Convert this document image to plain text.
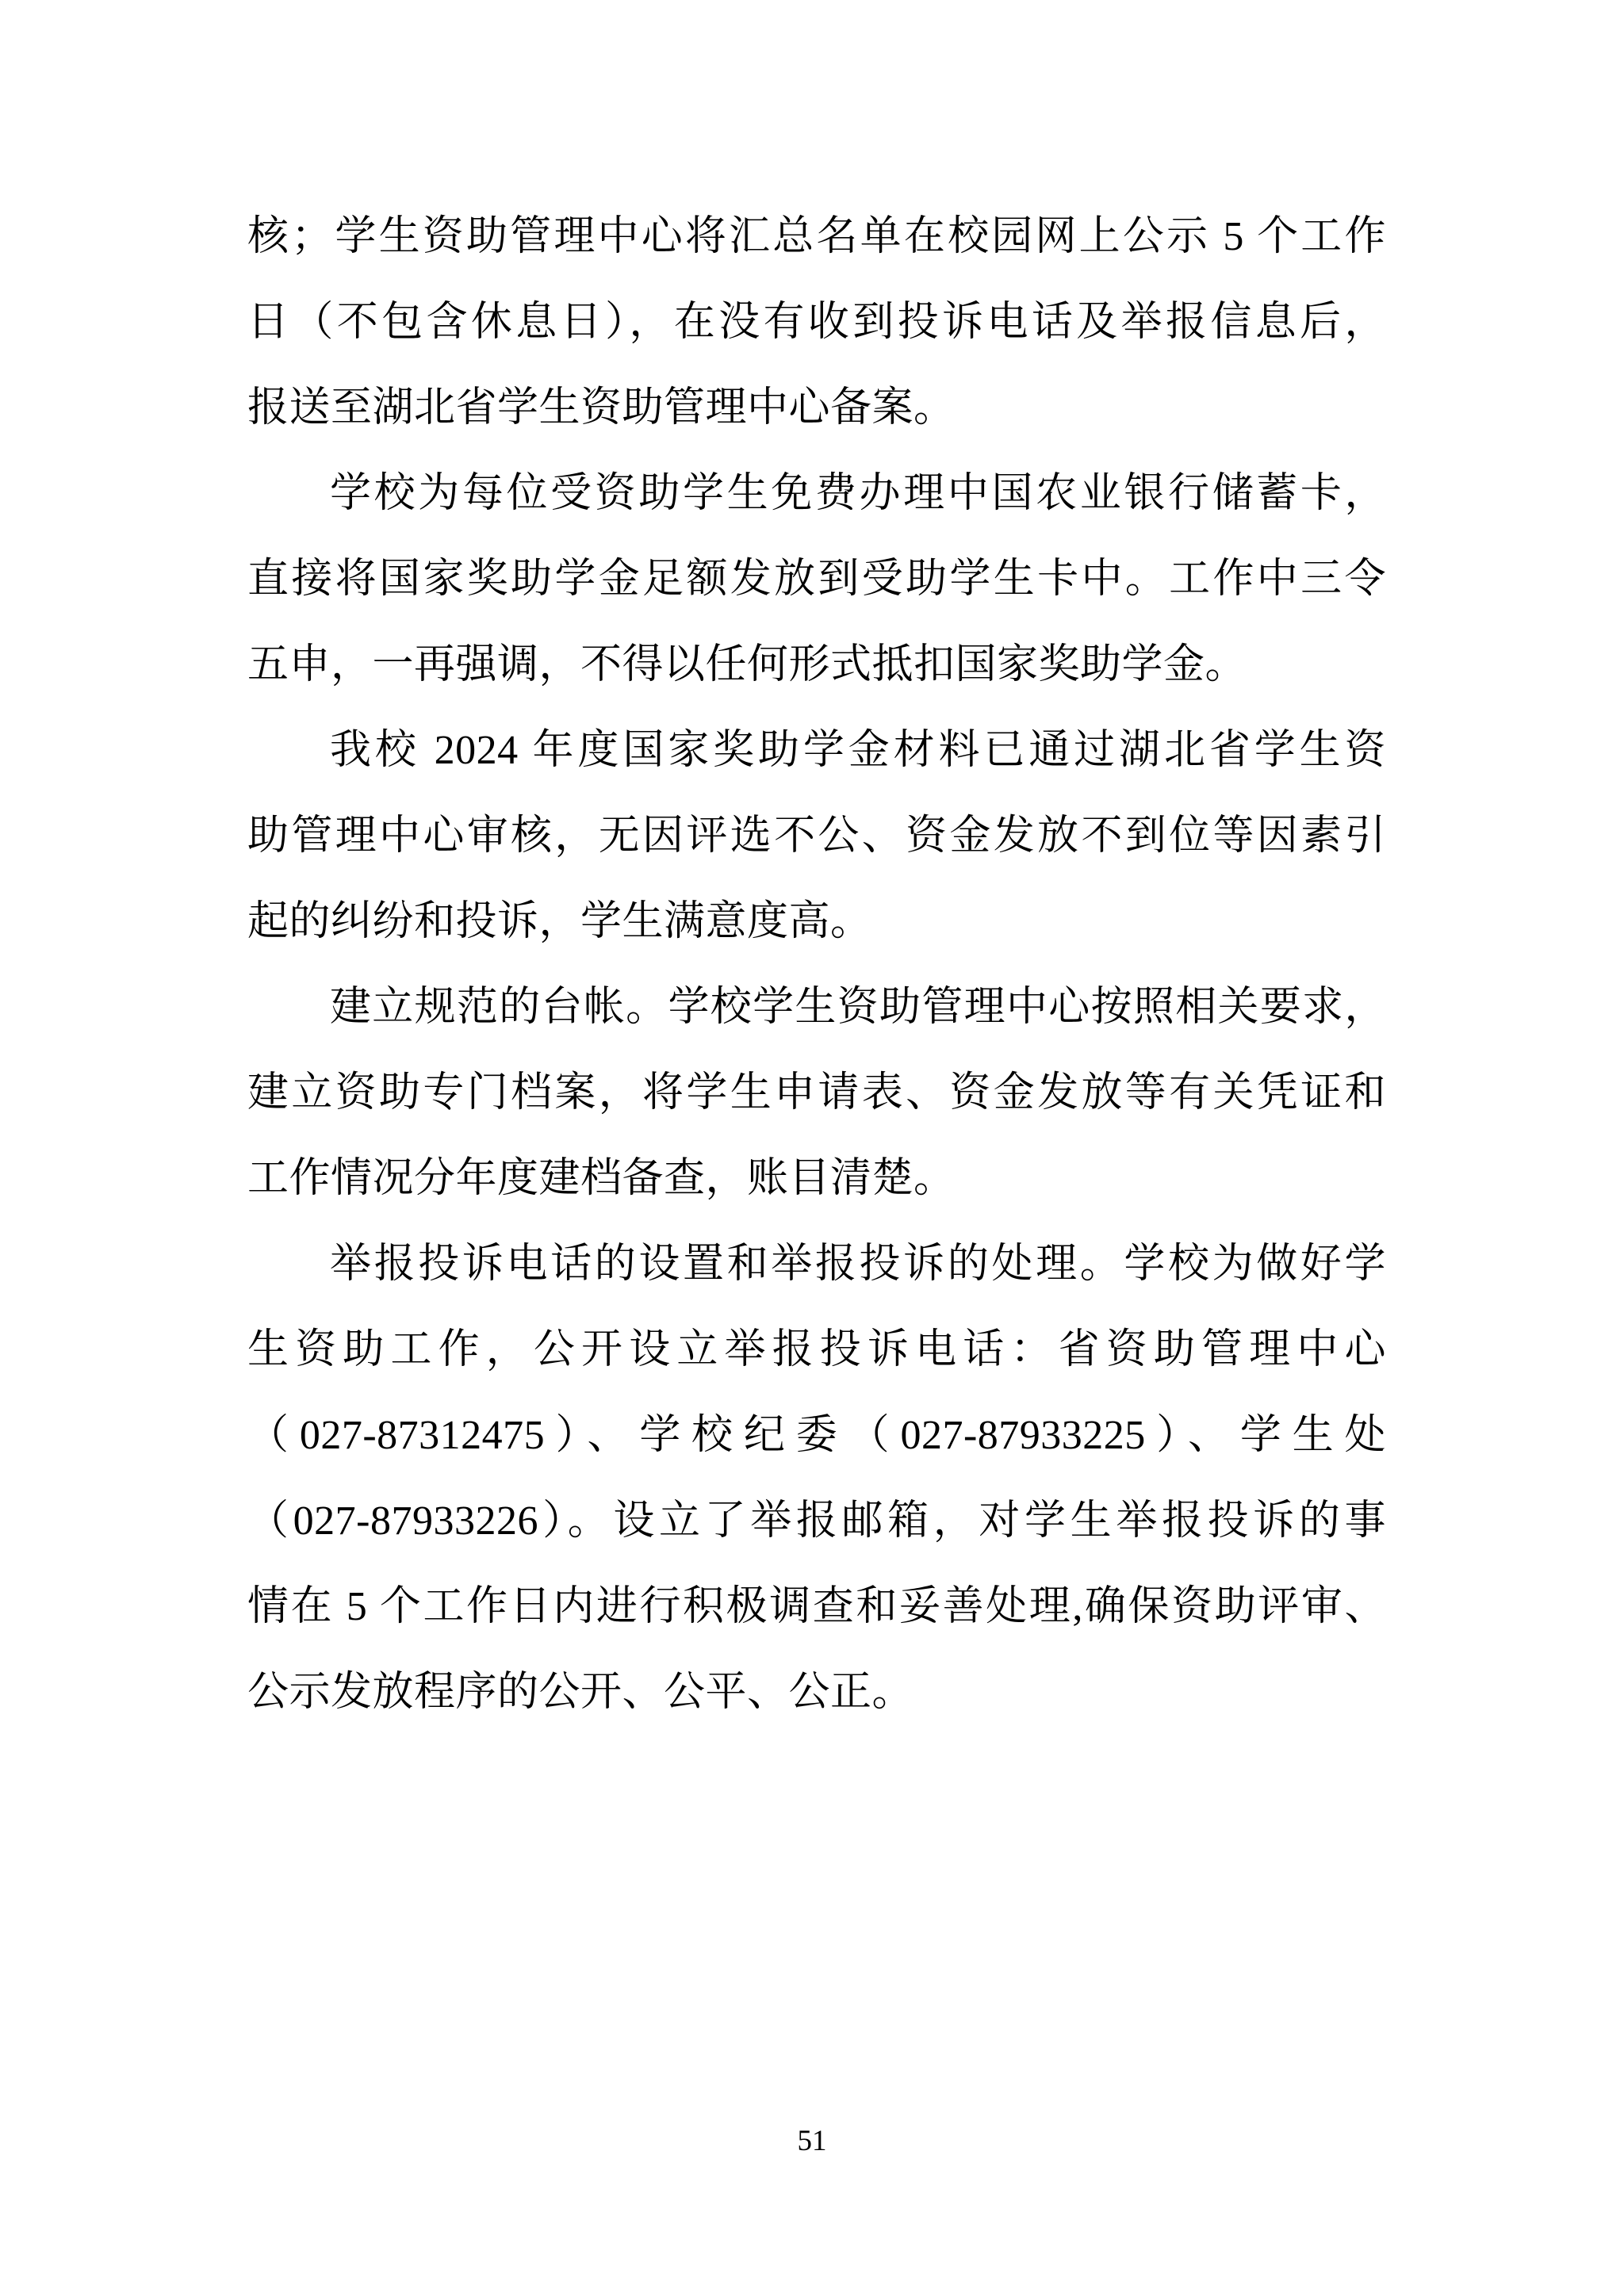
核；学生资助管理中心将汇总名单在校园网上公示 5 个工作

日（不包含休息日），在没有收到投诉电话及举报信息后，

报送至湖北省学生资助管理中心备案。

学校为每位受资助学生免费办理中国农业银行储蓄卡，

直接将国家奖助学金足额发放到受助学生卡中。工作中三令

五申，一再强调，不得以任何形式抵扣国家奖助学金。

我校 2024 年度国家奖助学金材料已通过湖北省学生资

助管理中心审核，无因评选不公、资金发放不到位等因素引

起的纠纷和投诉，学生满意度高。

建立规范的台帐。学校学生资助管理中心按照相关要求，

建立资助专门档案，将学生申请表、资金发放等有关凭证和

工作情况分年度建档备查，账目清楚。

举报投诉电话的设置和举报投诉的处理。学校为做好学

生资助工作，公开设立举报投诉电话：省资助管理中心

（027-87312475）、学校纪委（027-87933225）、学生处

（027-87933226）。设立了举报邮箱，对学生举报投诉的事

情在 5 个工作日内进行积极调查和妥善处理,确保资助评审、

公示发放程序的公开、公平、公正。

51
